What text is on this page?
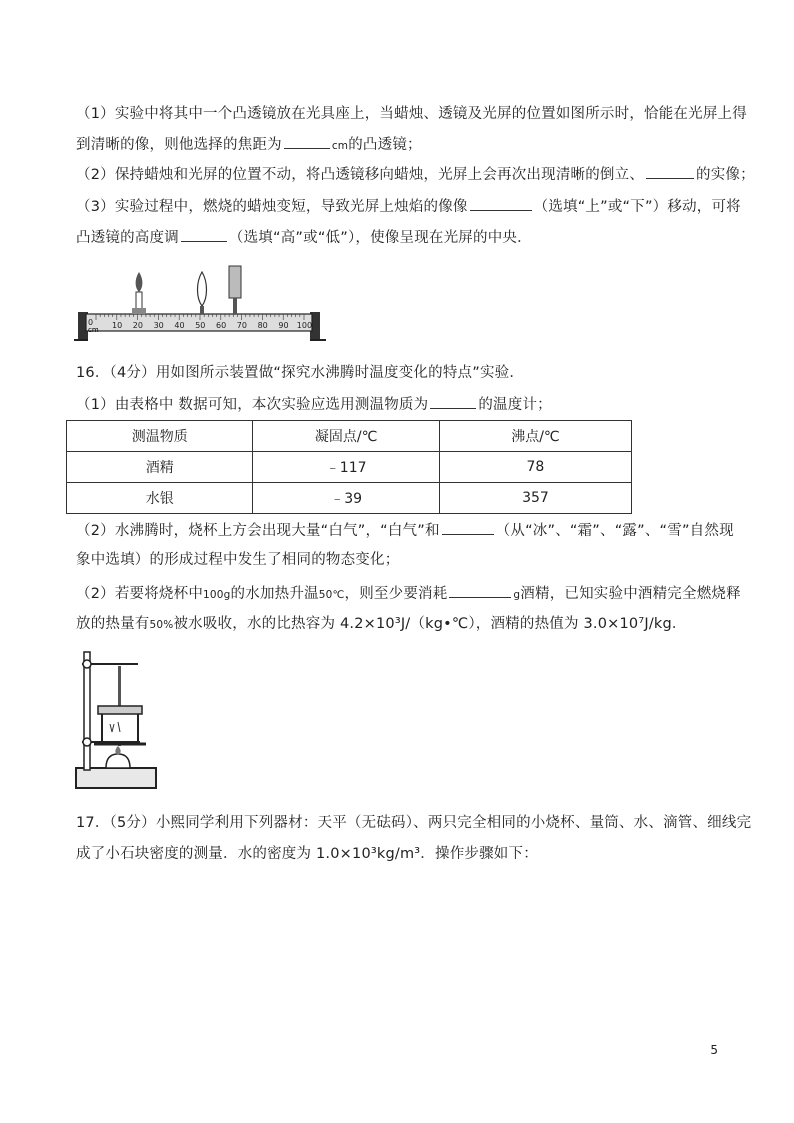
（1）实验中将其中一个凸透镜放在光具座上，当蜡烛、透镜及光屏的位置如图所示时，恰能在光屏上得
到清晰的像，则他选择的焦距为	cm的凸透镜；
（2）保持蜡烛和光屏的位置不动，将凸透镜移向蜡烛，光屏上会再次出现清晰的倒立、	的实像；
（3）实验过程中，燃烧的蜡烛变短，导致光屏上烛焰的像像	（选填“上”或“下”）移动，可将
凸透镜的高度调	（选填“高”或“低”），使像呈现在光屏的中央．
cm 10 20 30 40 50 60 70 80 90 100
0
16．（4分）用如图所示装置做“探究水沸腾时温度变化的特点”实验．
（1）由表格中 数据可知，本次实验应选用测温物质为	的温度计；
测温物质	凝固点/℃	沸点/℃
酒精	﹣117	78
水银	﹣39	357
（2）水沸腾时，烧杯上方会出现大量“白气”，“白气”和	（从“冰”、“霜”、“露”、“雪”自然现
象中选填）的形成过程中发生了相同的物态变化；
（2）若要将烧杯中100g的水加热升温50℃，则至少要消耗	g酒精，已知实验中酒精完全燃烧释
放的热量有50%被水吸收，水的比热容为 4.2×10³J/（kg•℃），酒精的热值为 3.0×10⁷J/kg．
17．（5分）小熙同学利用下列器材：天平（无砝码）、两只完全相同的小烧杯、量筒、水、滴管、细线完
成了小石块密度的测量．水的密度为 1.0×10³kg/m³．操作步骤如下：
5
